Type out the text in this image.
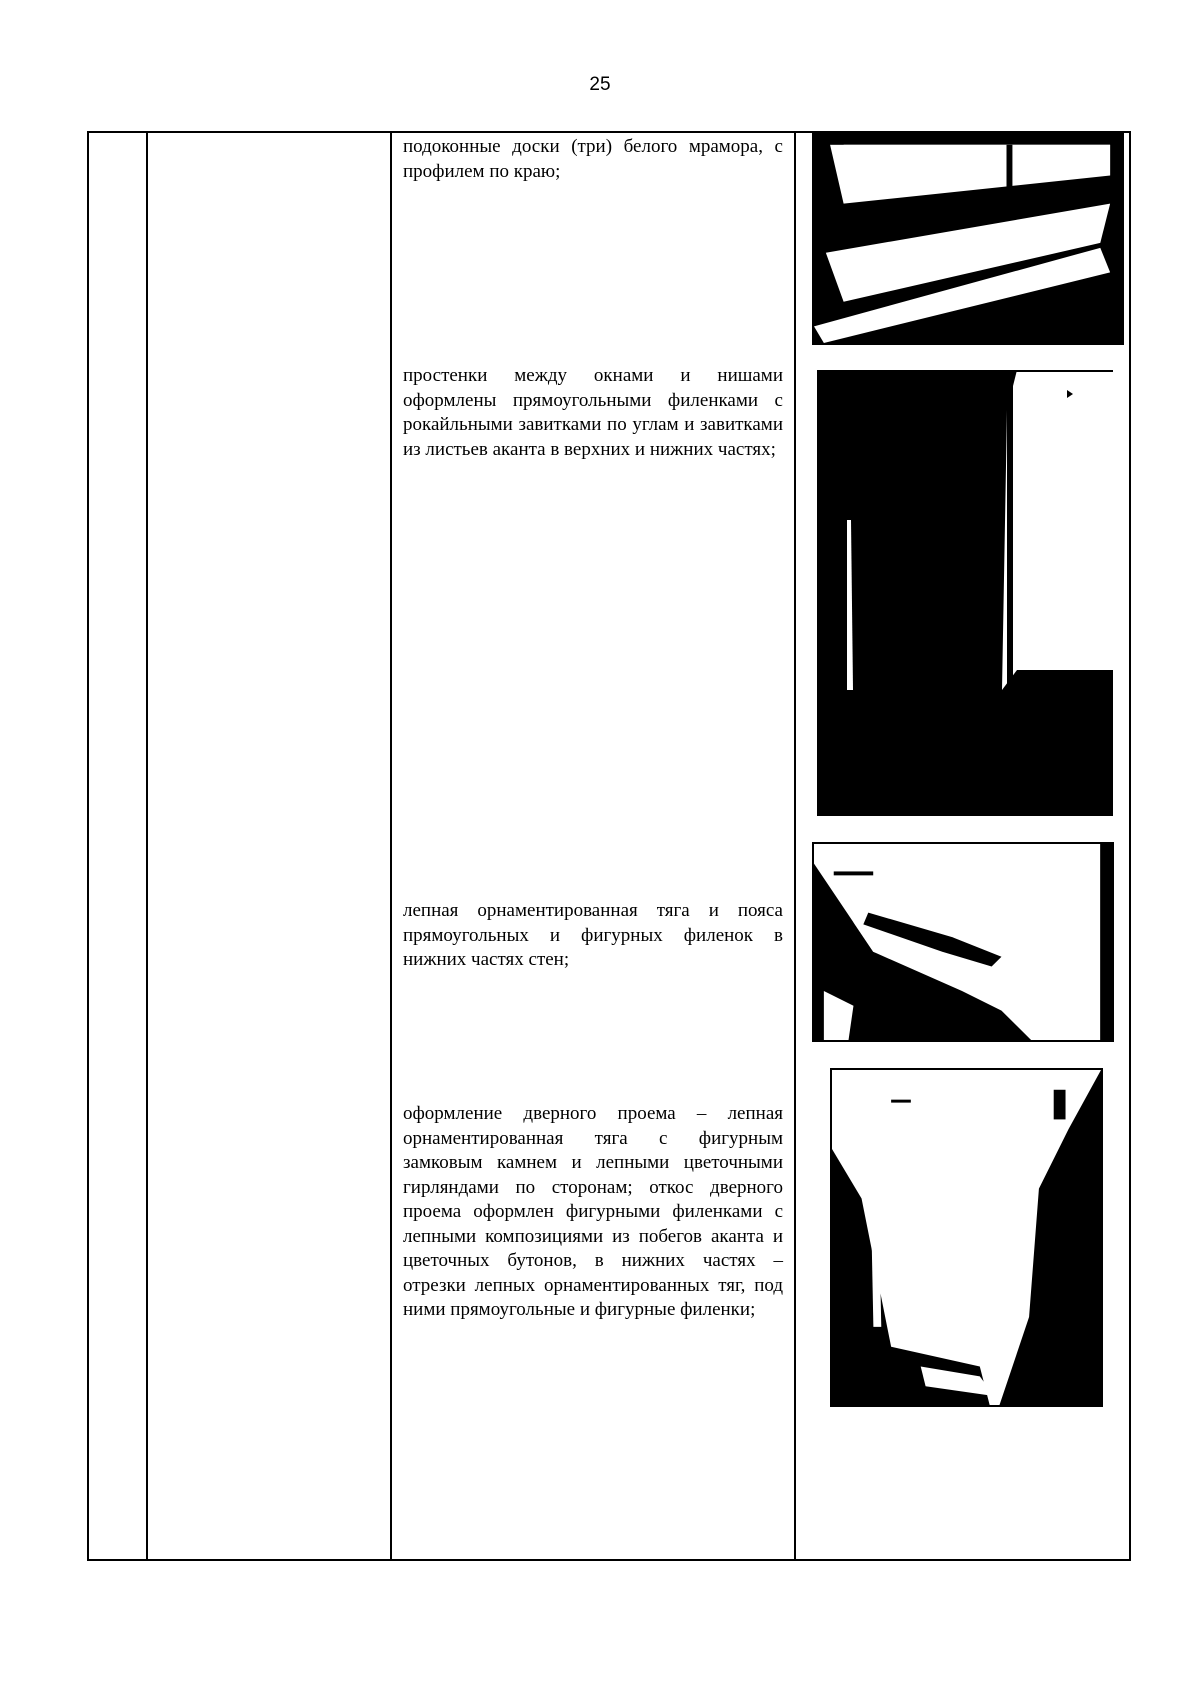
25

подоконные доски (три) белого мрамора, с профилем по краю;

простенки между окнами и нишами оформлены прямоугольными филенками с рокайльными завитками по углам и завитками из листьев аканта в верхних и нижних частях;

лепная орнаментированная тяга и пояса прямоугольных и фигурных филенок в нижних частях стен;

оформление дверного проема – лепная орнаментированная тяга с фигурным замковым камнем и лепными цветочными гирляндами по сторонам; откос дверного проема оформлен фигурными филенками с лепными композициями из побегов аканта и цветочных бутонов, в нижних частях – отрезки лепных орнаментированных тяг, под ними прямоугольные и фигурные филенки;
